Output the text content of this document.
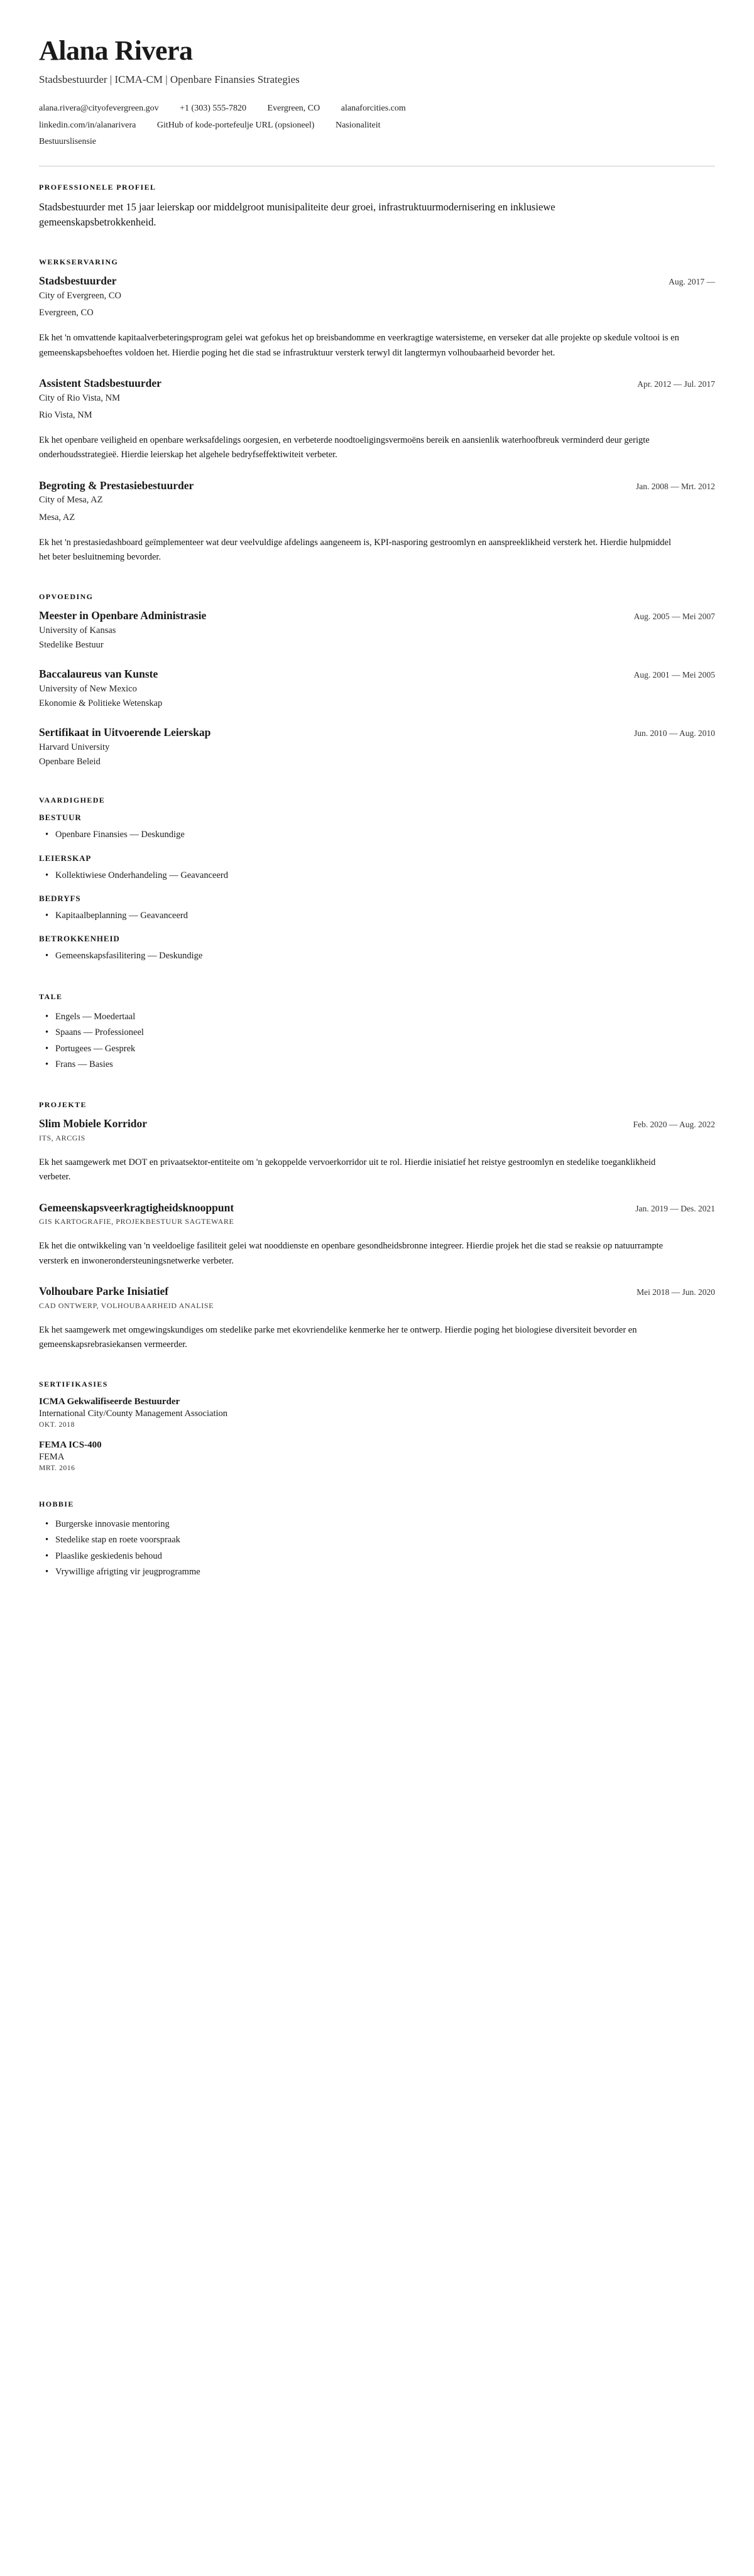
Alana Rivera
Stadsbestuurder | ICMA-CM | Openbare Finansies Strategies
alana.rivera@cityofevergreen.gov +1 (303) 555-7820 Evergreen, CO alanaforcities.com
linkedin.com/in/alanarivera GitHub of kode-portefeulje URL (opsioneel) Nasionaliteit
Bestuurslisensie
PROFESSIONELE PROFIEL

Stadsbestuurder met 15 jaar leierskap oor middelgroot munisipaliteite deur groei, infrastruktuurmodernisering en inklusiewe gemeenskapsbetrokkenheid.

WERKSERVARING
Stadsbestuurder	Aug. 2017 —

City of Evergreen, CO

Evergreen, CO

Ek het 'n omvattende kapitaalverbeteringsprogram gelei wat gefokus het op breisbandomme en veerkragtige watersisteme, en verseker dat alle projekte op skedule voltooi is en gemeenskapsbehoeftes voldoen het. Hierdie poging het die stad se infrastruktuur versterk terwyl dit langtermyn volhoubaarheid bevorder het.

Assistent Stadsbestuurder	Apr. 2012 — Jul. 2017

City of Rio Vista, NM

Rio Vista, NM

Ek het openbare veiligheid en openbare werksafdelings oorgesien, en verbeterde noodtoeligingsvermoëns bereik en aansienlik waterhoofbreuk verminderd deur gerigte onderhoudsstrategieë. Hierdie leierskap het algehele bedryfseffektiwiteit verbeter.

Begroting & Prestasiebestuurder	Jan. 2008 — Mrt. 2012

City of Mesa, AZ

Mesa, AZ

Ek het 'n prestasiedashboard geïmplementeer wat deur veelvuldige afdelings aangeneem is, KPI-nasporing gestroomlyn en aanspreeklikheid versterk het. Hierdie hulpmiddel het beter besluitneming bevorder.

OPVOEDING
Meester in Openbare Administrasie	Aug. 2005 — Mei 2007

University of Kansas

Stedelike Bestuur

Baccalaureus van Kunste	Aug. 2001 — Mei 2005

University of New Mexico

Ekonomie & Politieke Wetenskap

Sertifikaat in Uitvoerende Leierskap	Jun. 2010 — Aug. 2010

Harvard University

Openbare Beleid

VAARDIGHEDE
BESTUUR
• Openbare Finansies — Deskundige
LEIERSKAP
• Kollektiwiese Onderhandeling — Geavanceerd
BEDRYFS
• Kapitaalbeplanning — Geavanceerd
BETROKKENHEID
• Gemeenskapsfasilitering — Deskundige
TALE
• Engels — Moedertaal
• Spaans — Professioneel
• Portugees — Gesprek
• Frans — Basies
PROJEKTE
Slim Mobiele Korridor	Feb. 2020 — Aug. 2022

ITS, ARCGIS

Ek het saamgewerk met DOT en privaatsektor-entiteite om 'n gekoppelde vervoerkorridor uit te rol. Hierdie inisiatief het reistye gestroomlyn en stedelike toeganklikheid verbeter.

Gemeenskapsveerkragtigheidsknooppunt	Jan. 2019 — Des. 2021

GIS KARTOGRAFIE, PROJEKBESTUUR SAGTEWARE

Ek het die ontwikkeling van 'n veeldoelige fasiliteit gelei wat nooddienste en openbare gesondheidsbronne integreer. Hierdie projek het die stad se reaksie op natuurrampte versterk en inwonerondersteuningsnetwerke verbeter.

Volhoubare Parke Inisiatief	Mei 2018 — Jun. 2020

CAD ONTWERP, VOLHOUBAARHEID ANALISE

Ek het saamgewerk met omgewingskundiges om stedelike parke met ekovriendelike kenmerke her te ontwerp. Hierdie poging het biologiese diversiteit bevorder en gemeenskapsrebrasiekansen vermeerder.

SERTIFIKASIES

ICMA Gekwalifiseerde Bestuurder

International City/County Management Association

OKT. 2018

FEMA ICS-400

FEMA

MRT. 2016

HOBBIE
• Burgerske innovasie mentoring
• Stedelike stap en roete voorspraak
• Plaaslike geskiedenis behoud
• Vrywillige afrigting vir jeugprogramme
